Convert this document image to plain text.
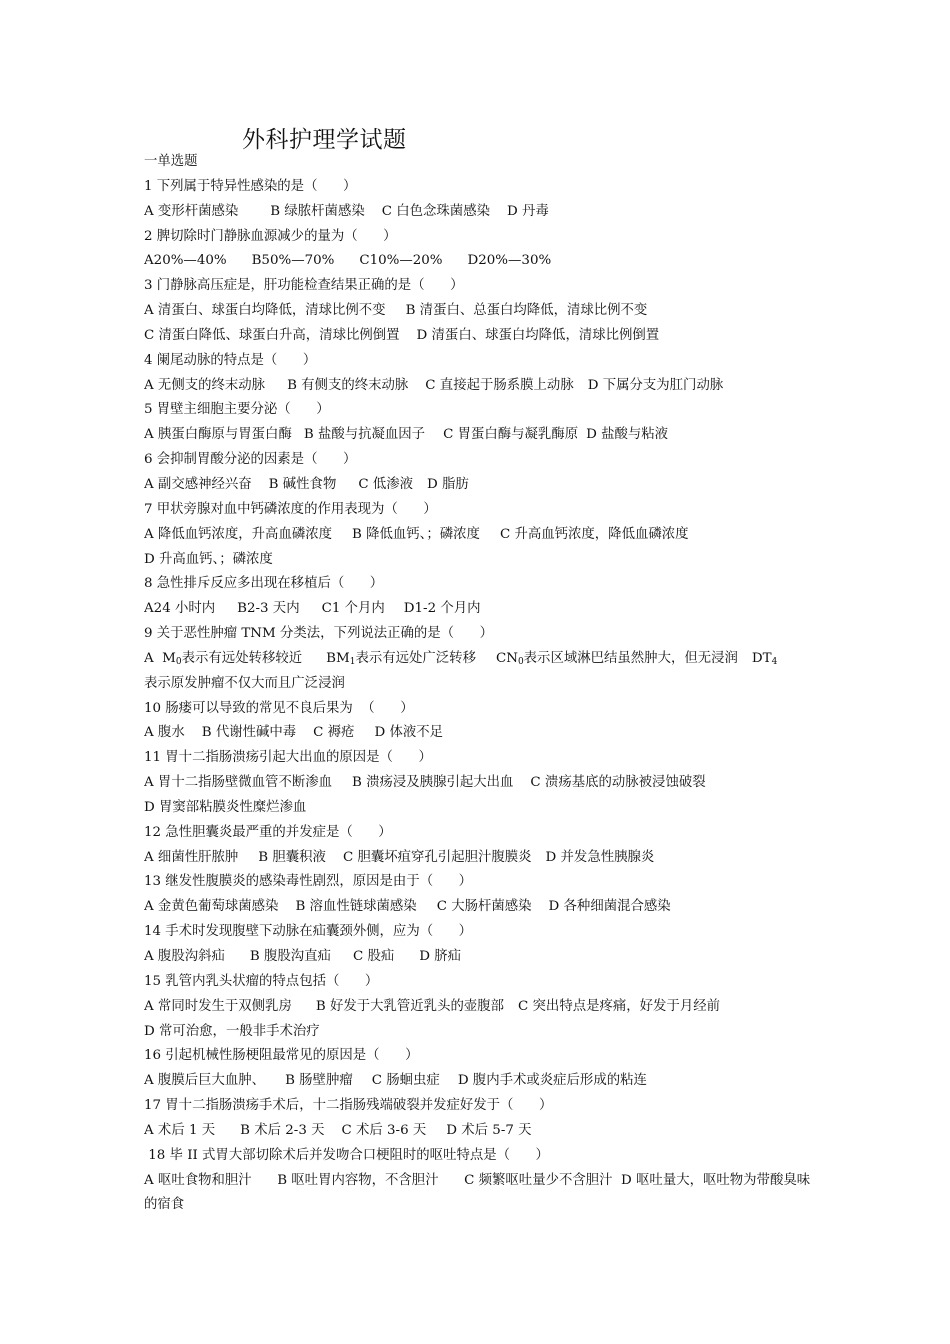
外科护理学试题
一单选题
1 下列属于特异性感染的是（      ）
A 变形杆菌感染 B 绿脓杆菌感染 C 白色念珠菌感染 D 丹毒
2 脾切除时门静脉血源减少的量为（      ）
A20%—40% B50%—70% C10%—20% D20%—30%
3 门静脉高压症是，肝功能检查结果正确的是（      ）
A 清蛋白、球蛋白均降低，清球比例不变 B 清蛋白、总蛋白均降低，清球比例不变
C 清蛋白降低、球蛋白升高，清球比例倒置 D 清蛋白、球蛋白均降低，清球比例倒置
4 阑尾动脉的特点是（      ）
A 无侧支的终末动脉 B 有侧支的终末动脉 C 直接起于肠系膜上动脉 D 下属分支为肛门动脉
5 胃壁主细胞主要分泌（      ）
A 胰蛋白酶原与胃蛋白酶 B 盐酸与抗凝血因子 C 胃蛋白酶与凝乳酶原 D 盐酸与粘液
6 会抑制胃酸分泌的因素是（      ）
A 副交感神经兴奋 B 碱性食物 C 低渗液 D 脂肪
7 甲状旁腺对血中钙磷浓度的作用表现为（      ）
A 降低血钙浓度，升高血磷浓度 B 降低血钙、；磷浓度 C 升高血钙浓度，降低血磷浓度
D 升高血钙、；磷浓度
8 急性排斥反应多出现在移植后（      ）
A24 小时内 B2-3 天内 C1 个月内 D1-2 个月内
9 关于恶性肿瘤 TNM 分类法，下列说法正确的是（      ）
A  $M_0$表示有远处转移较近 $BM_1$表示有远处广泛转移 $CN_0$表示区域淋巴结虽然肿大，但无浸润 $DT_4$
表示原发肿瘤不仅大而且广泛浸润
10 肠瘘可以导致的常见不良后果为  （      ）
A 腹水 B 代谢性碱中毒 C 褥疮 D 体液不足
11 胃十二指肠溃疡引起大出血的原因是（      ）
A 胃十二指肠壁微血管不断渗血 B 溃疡浸及胰腺引起大出血 C 溃疡基底的动脉被浸蚀破裂
D 胃窦部粘膜炎性糜烂渗血
12 急性胆囊炎最严重的并发症是（      ）
A 细菌性肝脓肿 B 胆囊积液 C 胆囊坏疽穿孔引起胆汁腹膜炎 D 并发急性胰腺炎
13 继发性腹膜炎的感染毒性剧烈，原因是由于（      ）
A 金黄色葡萄球菌感染 B 溶血性链球菌感染 C 大肠杆菌感染 D 各种细菌混合感染
14 手术时发现腹壁下动脉在疝囊颈外侧，应为（      ）
A 腹股沟斜疝 B 腹股沟直疝 C 股疝 D 脐疝
15 乳管内乳头状瘤的特点包括（      ）
A 常同时发生于双侧乳房 B 好发于大乳管近乳头的壶腹部 C 突出特点是疼痛，好发于月经前
D 常可治愈，一般非手术治疗
16 引起机械性肠梗阻最常见的原因是（      ）
A 腹膜后巨大血肿、 B 肠壁肿瘤 C 肠蛔虫症 D 腹内手术或炎症后形成的粘连
17 胃十二指肠溃疡手术后，十二指肠残端破裂并发症好发于（      ）
A 术后 1 天 B 术后 2-3 天 C 术后 3-6 天 D 术后 5-7 天
18 毕 II 式胃大部切除术后并发吻合口梗阻时的呕吐特点是（      ）
A 呕吐食物和胆汁      B 呕吐胃内容物，不含胆汁      C 频繁呕吐量少不含胆汁  D 呕吐量大，呕吐物为带酸臭味的宿食
